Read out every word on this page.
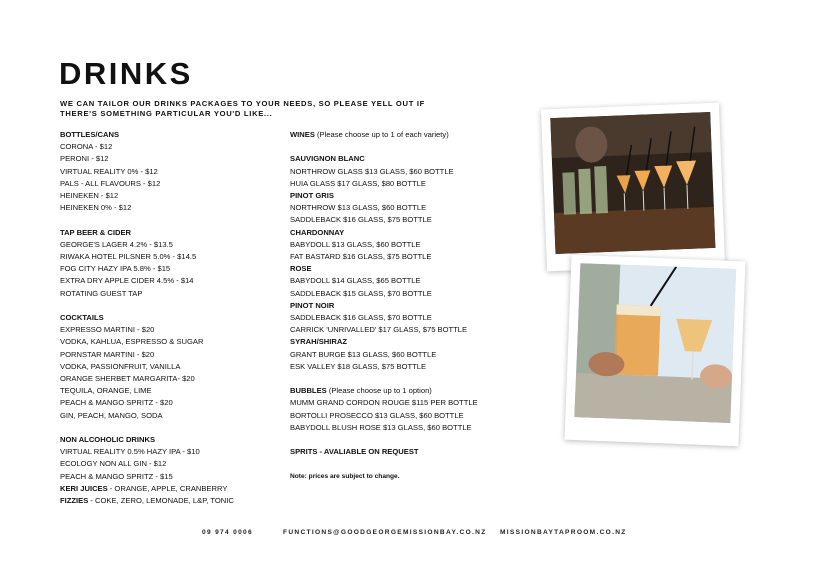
DRINKS
WE CAN TAILOR OUR DRINKS PACKAGES TO YOUR NEEDS, SO PLEASE YELL OUT IF THERE'S SOMETHING PARTICULAR YOU'D LIKE...
BOTTLES/CANS
CORONA - $12
PERONI - $12
VIRTUAL REALITY 0% - $12
PALS - ALL FLAVOURS - $12
HEINEKEN - $12
HEINEKEN 0% - $12
TAP BEER & CIDER
GEORGE'S LAGER 4.2% - $13.5
RIWAKA HOTEL PILSNER 5.0% - $14.5
FOG CITY HAZY IPA 5.8% - $15
EXTRA DRY APPLE CIDER 4.5% - $14
ROTATING GUEST TAP
COCKTAILS
EXPRESSO MARTINI - $20
VODKA, KAHLUA, ESPRESSO & SUGAR
PORNSTAR MARTINI - $20
VODKA, PASSIONFRUIT, VANILLA
ORANGE SHERBET MARGARITA- $20
TEQUILA, ORANGE, LIME
PEACH & MANGO SPRITZ - $20
GIN, PEACH, MANGO, SODA
NON ALCOHOLIC DRINKS
VIRTUAL REALITY 0.5% HAZY IPA - $10
ECOLOGY NON ALL GIN - $12
PEACH & MANGO SPRITZ - $15
KERI JUICES - ORANGE, APPLE, CRANBERRY
FIZZIES - COKE, ZERO, LEMONADE, L&P, TONIC
WINES (Please choose up to 1 of each variety)
SAUVIGNON BLANC
NORTHROW GLASS $13 GLASS, $60 BOTTLE
HUIA GLASS $17 GLASS, $80 BOTTLE
PINOT GRIS
NORTHROW $13 GLASS, $60 BOTTLE
SADDLEBACK $16 GLASS, $75 BOTTLE
CHARDONNAY
BABYDOLL $13 GLASS, $60 BOTTLE
FAT BASTARD $16 GLASS, $75 BOTTLE
ROSE
BABYDOLL $14 GLASS, $65 BOTTLE
SADDLEBACK $15 GLASS, $70 BOTTLE
PINOT NOIR
SADDLEBACK $16 GLASS, $70 BOTTLE
CARRICK 'UNRIVALLED' $17 GLASS, $75 BOTTLE
SYRAH/SHIRAZ
GRANT BURGE $13 GLASS, $60 BOTTLE
ESK VALLEY $18 GLASS, $75 BOTTLE
BUBBLES (Please choose up to 1 option)
MUMM GRAND CORDON ROUGE $115 PER BOTTLE
BORTOLLI PROSECCO $13 GLASS, $60 BOTTLE
BABYDOLL BLUSH ROSE $13 GLASS, $60 BOTTLE
SPRITS - AVALIABLE ON REQUEST
Note: prices are subject to change.
09 974 0006	FUNCTIONS@GOODGEORGEMISSIONBAY.CO.NZ MISSIONBAYTAPROOM.CO.NZ
